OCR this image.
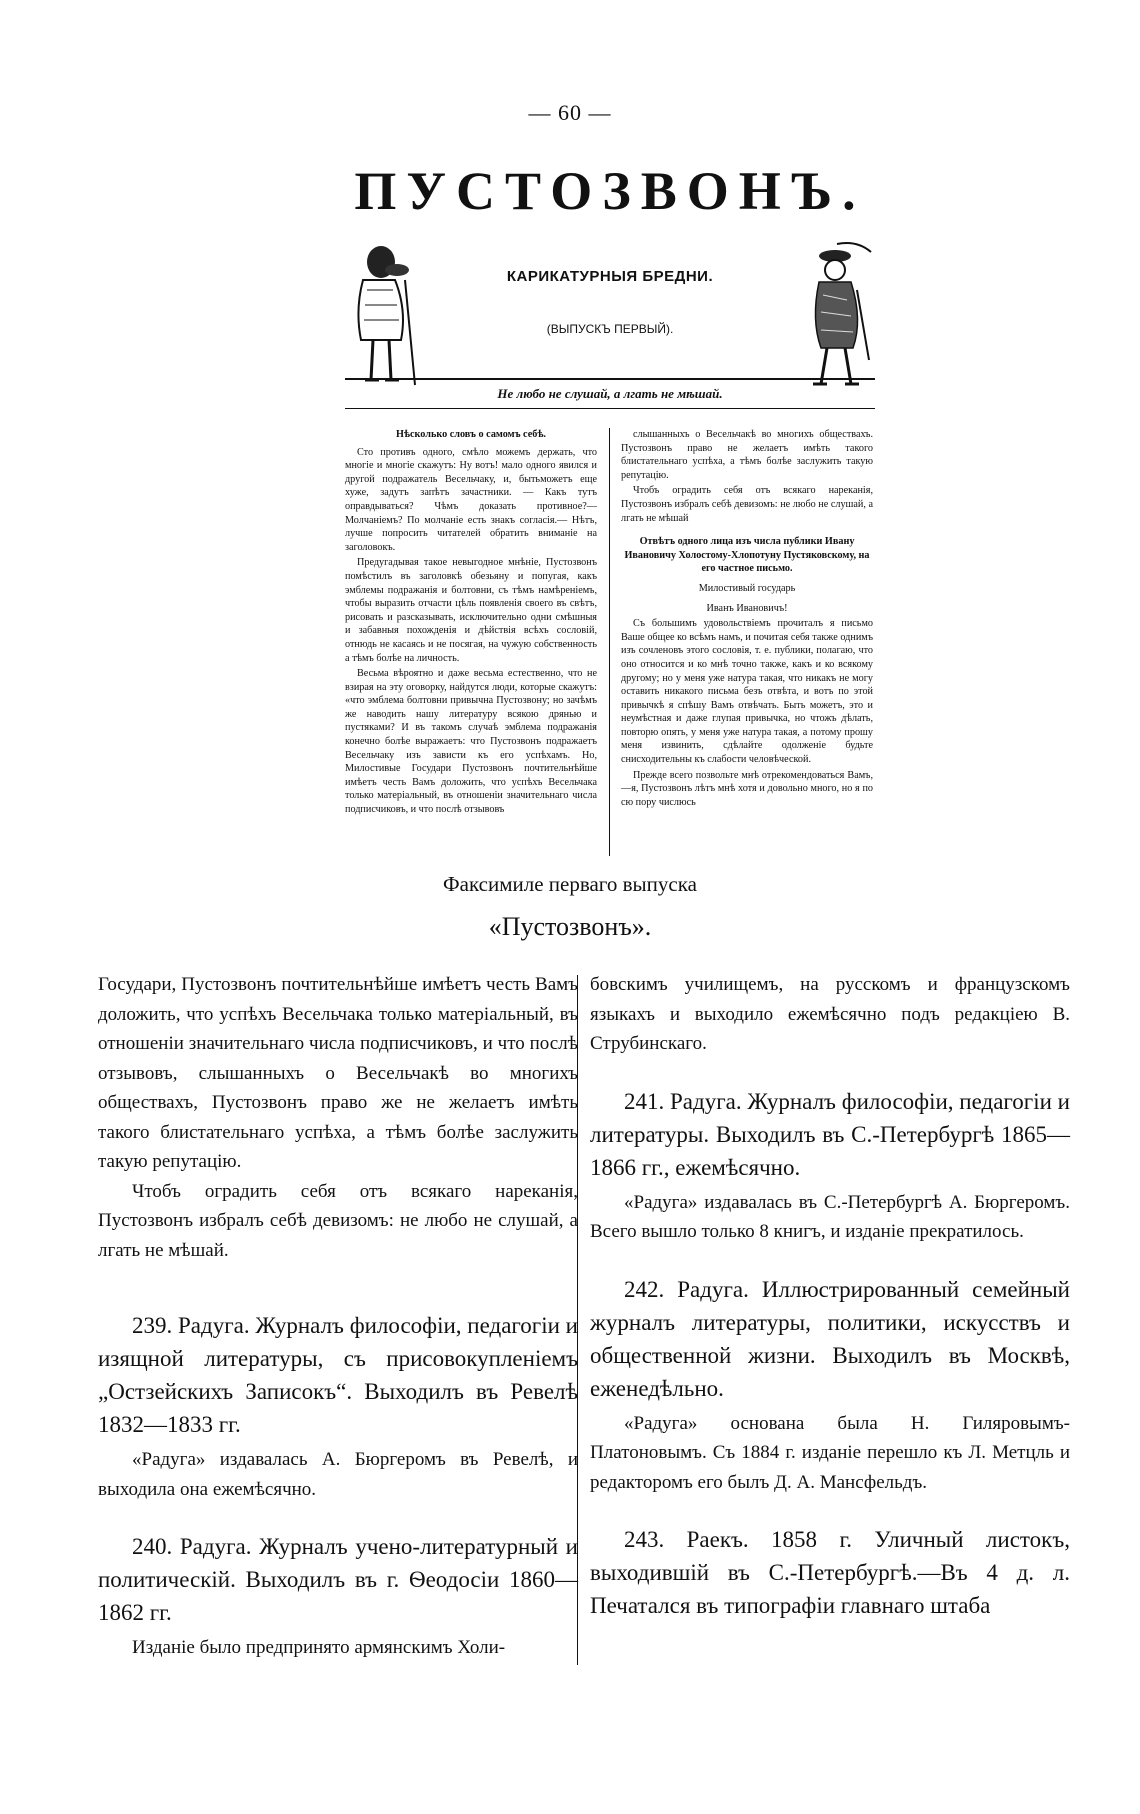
— 60 —
ПУСТОЗВОНЪ.
КАРИКАТУРНЫЯ БРЕДНИ.
(ВЫПУСКЪ ПЕРВЫЙ).
Не любо не слушай, а лгать не мѣшай.

Нѣсколько словъ о самомъ себѣ.

Сто противъ одного, смѣло можемъ держать, что многіе и многіе скажутъ: Ну вотъ! мало одного явился и другой подражатель Весельчаку, и, бытьможетъ еще хуже, задутъ запѣтъ зачастники. — Какъ тутъ оправдываться? Чѣмъ доказать противное?—Молчаніемъ? По молчаніе есть знакъ согласія.— Нѣтъ, лучше попросить читателей обратить вниманіе на заголовокъ.

Предугадывая такое невыгодное мнѣніе, Пустозвонъ помѣстилъ въ заголовкѣ обезьяну и попугая, какъ эмблемы подражанія и болтовни, съ тѣмъ намѣреніемъ, чтобы выразить отчасти цѣль появленія своего въ свѣтъ, рисовать и разсказывать, исключительно одни смѣшныя и забавныя похожденія и дѣйствія всѣхъ сословій, отнюдь не касаясь и не посягая, на чужую собственность а тѣмъ болѣе на личность.

Весьма вѣроятно и даже весьма естественно, что не взирая на эту оговорку, найдутся люди, которые скажутъ: «что эмблема болтовни привычна Пустозвону; но зачѣмъ же наводить нашу литературу всякою дрянью и пустяками? И въ такомъ случаѣ эмблема подражанія конечно болѣе выражаетъ: что Пустозвонъ подражаетъ Весельчаку изъ зависти къ его успѣхамъ. Но, Милостивые Государи Пустозвонъ почтительнѣйше имѣетъ честь Вамъ доложить, что успѣхъ Весельчака только матеріальный, въ отношеніи значительнаго числа подписчиковъ, и что послѣ отзывовъ

слышанныхъ о Весельчакѣ во многихъ обществахъ. Пустозвонъ право не желаетъ имѣть такого блистательнаго успѣха, а тѣмъ болѣе заслужить такую репутацію.

Чтобъ оградить себя отъ всякаго нареканія, Пустозвонъ избралъ себѣ девизомъ: не любо не слушай, а лгать не мѣшай

Отвѣтъ одного лица изъ числа публики Ивану Ивановичу Холостому-Хлопотуну Пустяковскому, на его частное письмо.

Милостивый государь

Иванъ Ивановичъ!

Съ большимъ удовольствіемъ прочиталъ я письмо Ваше общее ко всѣмъ намъ, и почитая себя также однимъ изъ сочленовъ этого сословія, т. е. публики, полагаю, что оно относится и ко мнѣ точно также, какъ и ко всякому другому; но у меня уже натура такая, что никакъ не могу оставить никакого письма безъ отвѣта, и вотъ по этой привычкѣ я спѣшу Вамъ отвѣчать. Быть можетъ, это и неумѣстная и даже глупая привычка, но чтожъ дѣлать, повторю опять, у меня уже натура такая, а потому прошу меня извинить, сдѣлайте одолженіе будьте снисходительны къ слабости человѣческой.

Прежде всего позвольте мнѣ отрекомендоваться Вамъ,—я, Пустозвонъ лѣтъ мнѣ хотя и довольно много, но я по сю пору числюсь

Факсимиле перваго выпуска
«Пустозвонъ».

Государи, Пустозвонъ почтительнѣйше имѣетъ честь Вамъ доложить, что успѣхъ Весельчака только матеріальный, въ отношеніи значительнаго числа подписчиковъ, и что послѣ отзывовъ, слышанныхъ о Весельчакѣ во многихъ обществахъ, Пустозвонъ право же не желаетъ имѣть такого блистательнаго успѣха, а тѣмъ болѣе заслужить такую репутацію.

Чтобъ оградить себя отъ всякаго нареканія, Пустозвонъ избралъ себѣ девизомъ: не любо не слушай, а лгать не мѣшай.

239. Радуга. Журналъ философіи, педагогіи и изящной литературы, съ присовокупленіемъ „Остзейскихъ Записокъ“. Выходилъ въ Ревелѣ 1832—1833 гг.

«Радуга» издавалась А. Бюргеромъ въ Ревелѣ, и выходила она ежемѣсячно.

240. Радуга. Журналъ учено-литературный и политическій. Выходилъ въ г. Ѳеодосіи 1860—1862 гг.

Изданіе было предпринято армянскимъ Холи-

бовскимъ училищемъ, на русскомъ и французскомъ языкахъ и выходило ежемѣсячно подъ редакціею В. Струбинскаго.

241. Радуга. Журналъ философіи, педагогіи и литературы. Выходилъ въ С.-Петербургѣ 1865—1866 гг., ежемѣсячно.

«Радуга» издавалась въ С.-Петербургѣ А. Бюргеромъ. Всего вышло только 8 книгъ, и изданіе прекратилось.

242. Радуга. Иллюстрированный семейный журналъ литературы, политики, искусствъ и общественной жизни. Выходилъ въ Москвѣ, еженедѣльно.

«Радуга» основана была Н. Гиляровымъ-Платоновымъ. Съ 1884 г. изданіе перешло къ Л. Метцль и редакторомъ его былъ Д. А. Мансфельдъ.

243. Раекъ. 1858 г. Уличный листокъ, выходившій въ С.-Петербургѣ.—Въ 4 д. л. Печатался въ типографіи главнаго штаба
